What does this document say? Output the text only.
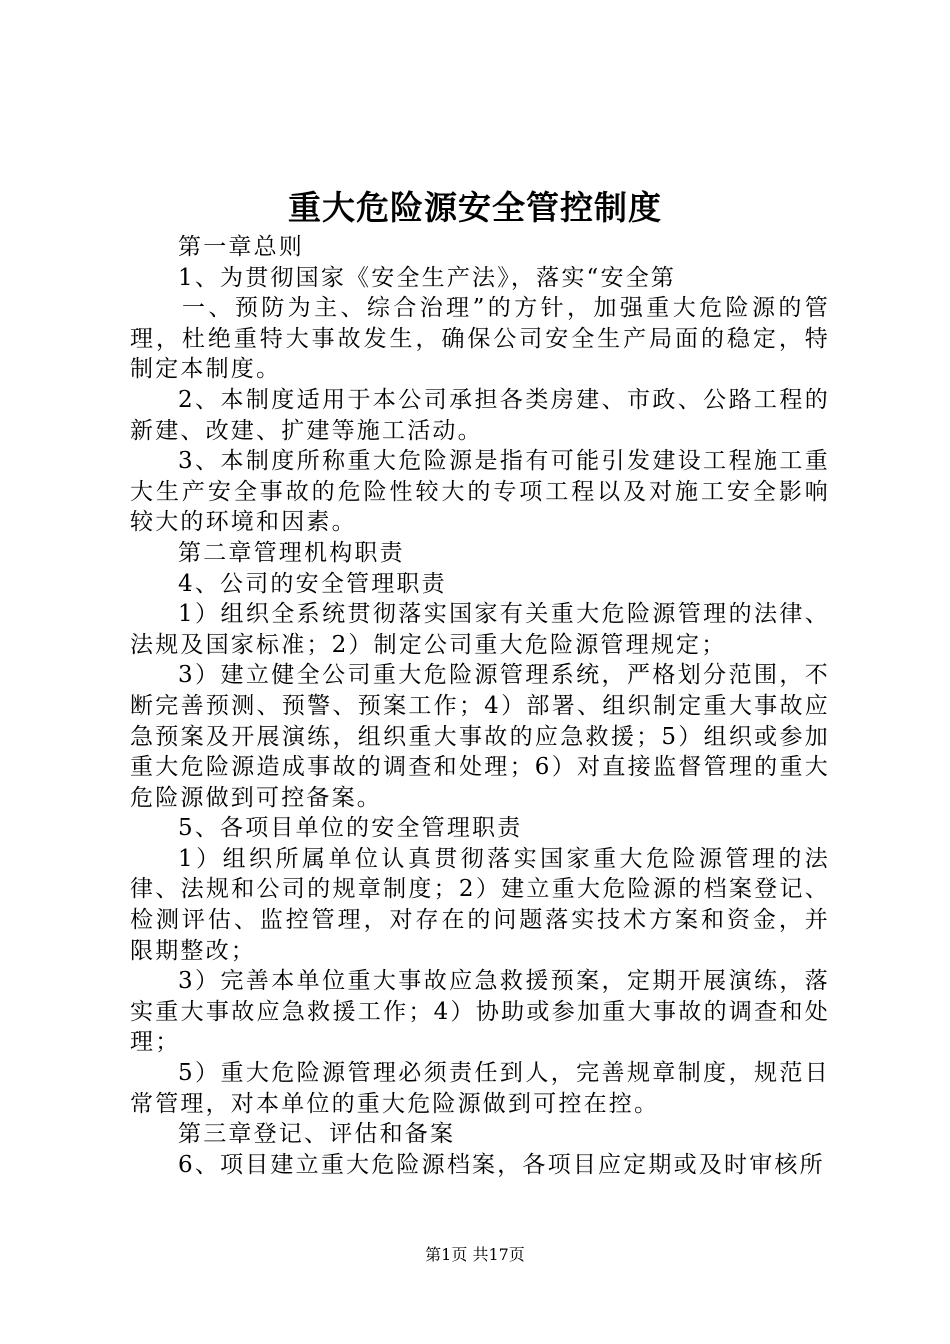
重大危险源安全管控制度

第一章总则

1、为贯彻国家《安全生产法》，落实“安全第

一、预防为主、综合治理”的方针，加强重大危险源的管理，杜绝重特大事故发生，确保公司安全生产局面的稳定，特制定本制度。

2、本制度适用于本公司承担各类房建、市政、公路工程的新建、改建、扩建等施工活动。

3、本制度所称重大危险源是指有可能引发建设工程施工重大生产安全事故的危险性较大的专项工程以及对施工安全影响较大的环境和因素。

第二章管理机构职责

4、公司的安全管理职责

1）组织全系统贯彻落实国家有关重大危险源管理的法律、法规及国家标准；2）制定公司重大危险源管理规定；

3）建立健全公司重大危险源管理系统，严格划分范围，不断完善预测、预警、预案工作；4）部署、组织制定重大事故应急预案及开展演练，组织重大事故的应急救援；5）组织或参加重大危险源造成事故的调查和处理；6）对直接监督管理的重大危险源做到可控备案。

5、各项目单位的安全管理职责

1）组织所属单位认真贯彻落实国家重大危险源管理的法律、法规和公司的规章制度；2）建立重大危险源的档案登记、检测评估、监控管理，对存在的问题落实技术方案和资金，并限期整改；

3）完善本单位重大事故应急救援预案，定期开展演练，落实重大事故应急救援工作；4）协助或参加重大事故的调查和处理；

5）重大危险源管理必须责任到人，完善规章制度，规范日常管理，对本单位的重大危险源做到可控在控。

第三章登记、评估和备案

6、项目建立重大危险源档案，各项目应定期或及时审核所

第1页 共17页
